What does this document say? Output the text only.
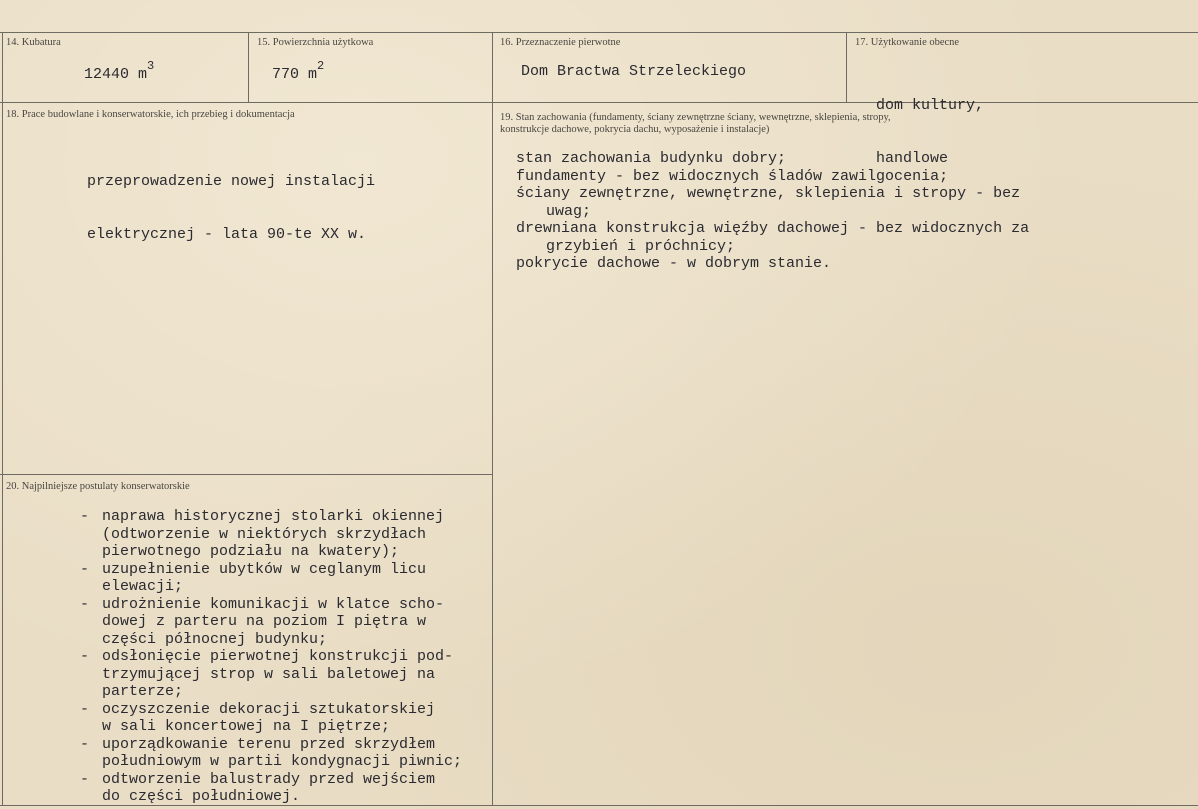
14. Kubatura
12440 $m^3$
15. Powierzchnia użytkowa
770 $m^2$
16. Przeznaczenie pierwotne
Dom Bractwa Strzeleckiego
17. Użytkowanie obecne

dom kultury,

handlowe

18. Prace budowlane i konserwatorskie, ich przebieg i dokumentacja

przeprowadzenie nowej instalacji

elektrycznej - lata 90-te XX w.

19. Stan zachowania (fundamenty, ściany zewnętrzne ściany, wewnętrzne, sklepienia, stropy,
konstrukcje dachowe, pokrycia dachu, wyposażenie i instalacje)
stan zachowania budynku dobry;
fundamenty - bez widocznych śladów zawilgocenia;
ściany zewnętrzne, wewnętrzne, sklepienia i stropy - bez
uwag;
drewniana konstrukcja więźby dachowej - bez widocznych za
grzybień i próchnicy;
pokrycie dachowe - w dobrym stanie.
20. Najpilniejsze postulaty konserwatorskie
- naprawa historycznej stolarki okiennej
(odtworzenie w niektórych skrzydłach
pierwotnego podziału na kwatery);
- uzupełnienie ubytków w ceglanym licu
elewacji;
- udrożnienie komunikacji w klatce scho-
dowej z parteru na poziom I piętra w
części północnej budynku;
- odsłonięcie pierwotnej konstrukcji pod-
trzymującej strop w sali baletowej na
parterze;
- oczyszczenie dekoracji sztukatorskiej
w sali koncertowej na I piętrze;
- uporządkowanie terenu przed skrzydłem
południowym w partii kondygnacji piwnic;
- odtworzenie balustrady przed wejściem
do części południowej.
